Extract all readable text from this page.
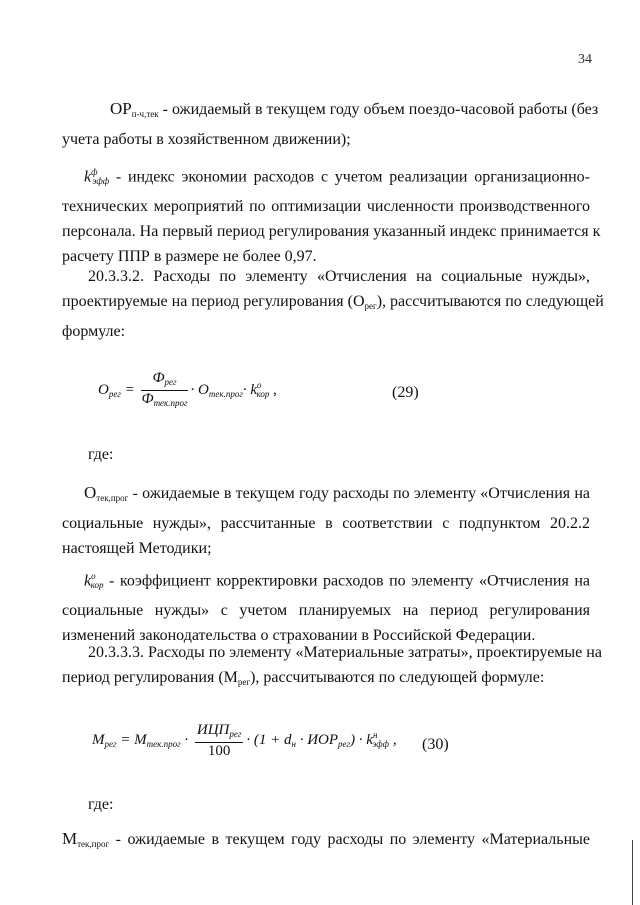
34
$ОР_{п-ч,тек}$ - ожидаемый в текущем году объем поездо-часовой работы (без
учета работы в хозяйственном движении);
$k^ф_{эфф}$ - индекс экономии расходов с учетом реализации организационно-
технических мероприятий по оптимизации численности производственного
персонала. На первый период регулирования указанный индекс принимается к
расчету ППР в размере не более 0,97.
20.3.3.2. Расходы по элементу «Отчисления на социальные нужды»,
проектируемые на период регулирования $(О_{рег})$, рассчитываются по следующей
формуле:
$O_{рег} = \frac{Ф_{рег}}{Ф_{тек.прог}} \cdot O_{тек.прог}\cdot k^o_{кор}$ ,	(29)
где:
$О_{тек,прог}$ - ожидаемые в текущем году расходы по элементу «Отчисления на
социальные нужды», рассчитанные в соответствии с подпунктом 20.2.2
настоящей Методики;
$k^o_{кор}$ - коэффициент корректировки расходов по элементу «Отчисления на
социальные нужды» с учетом планируемых на период регулирования
изменений законодательства о страховании в Российской Федерации.
20.3.3.3. Расходы по элементу «Материальные затраты», проектируемые на
период регулирования $(М_{рег})$, рассчитываются по следующей формуле:
$M_{рег} = M_{тек.прог} \cdot \frac{ИЦП_{рег}}{100} \cdot (1 + d_н \cdot ИОР_{рег}) \cdot k^н_{эфф}$ , (30)
где:
$М_{тек,прог}$ - ожидаемые в текущем году расходы по элементу «Материальные
